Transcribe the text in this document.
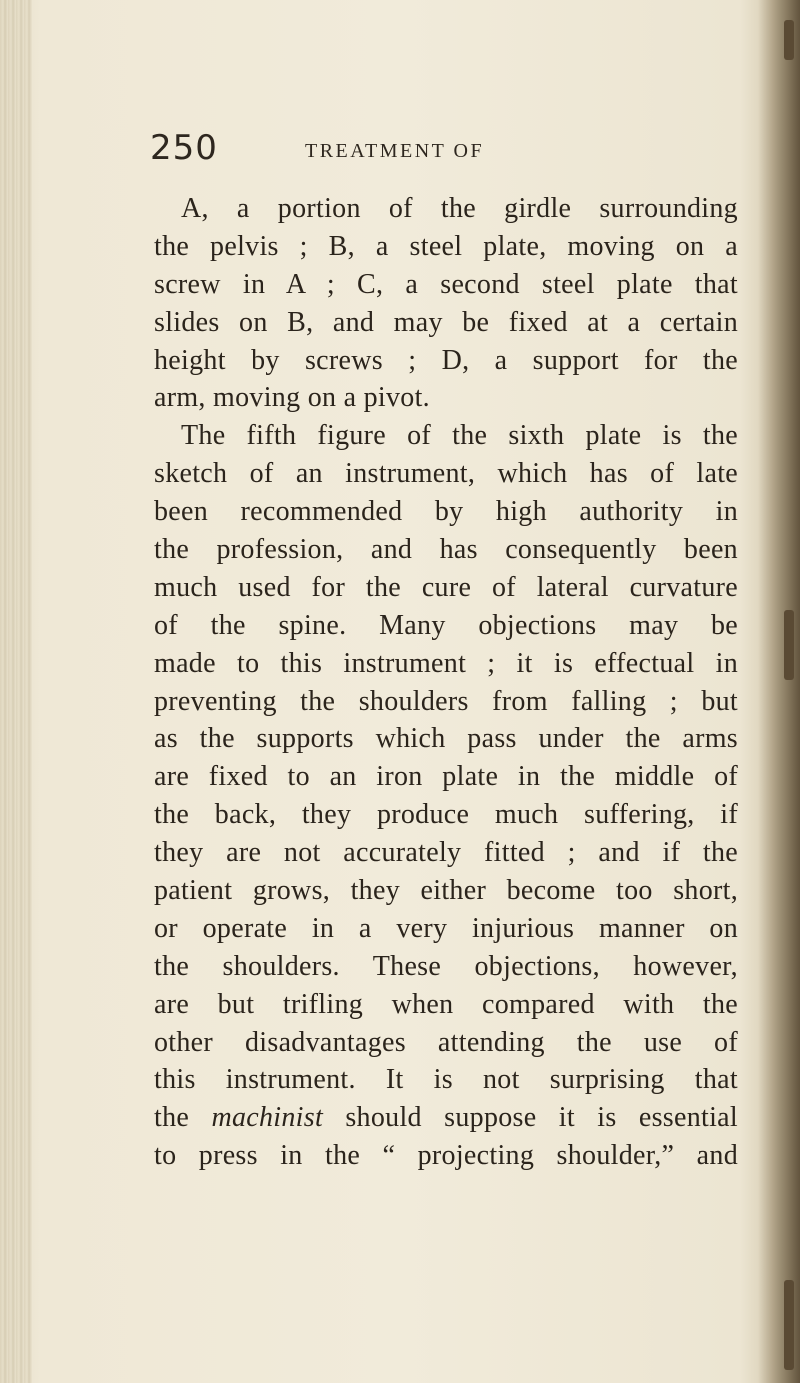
250	TREATMENT OF
A, a portion of the girdle surrounding
the pelvis ; B, a steel plate, moving on a
screw in A ; C, a second steel plate that
slides on B, and may be fixed at a certain
height by screws ; D, a support for the
arm, moving on a pivot.
The fifth figure of the sixth plate is the
sketch of an instrument, which has of late
been recommended by high authority in
the profession, and has consequently been
much used for the cure of lateral curvature
of the spine. Many objections may be
made to this instrument ; it is effectual in
preventing the shoulders from falling ; but
as the supports which pass under the arms
are fixed to an iron plate in the middle of
the back, they produce much suffering, if
they are not accurately fitted ; and if the
patient grows, they either become too short,
or operate in a very injurious manner on
the shoulders. These objections, however,
are but trifling when compared with the
other disadvantages attending the use of
this instrument. It is not surprising that
the machinist should suppose it is essential
to press in the “ projecting shoulder,” and
